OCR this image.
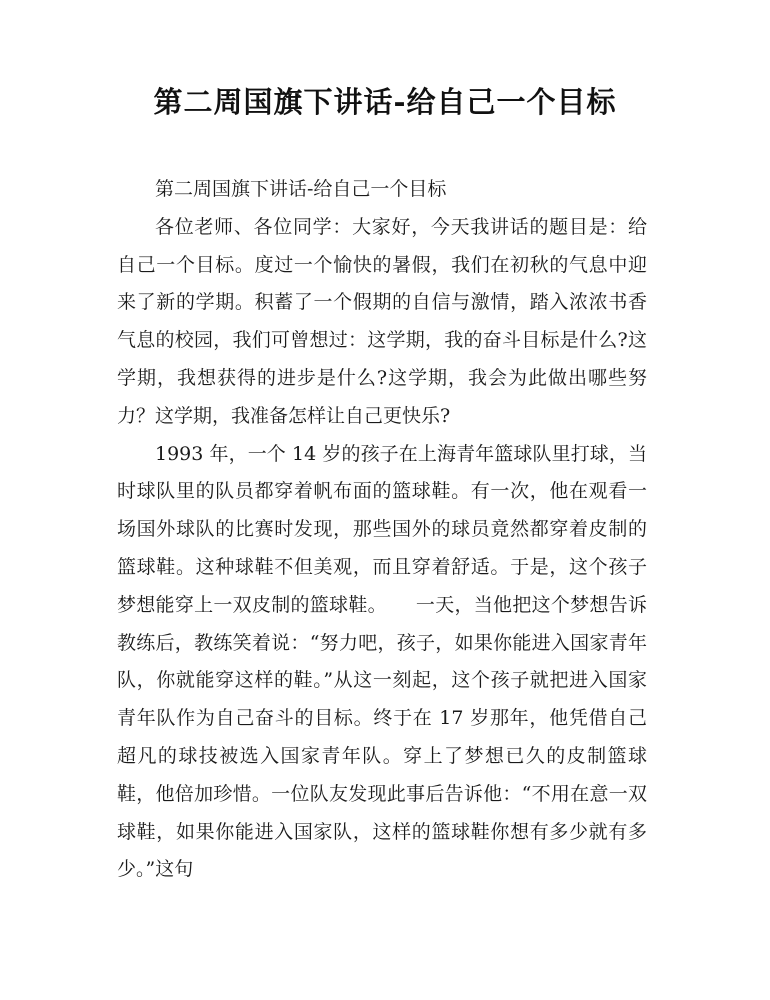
第二周国旗下讲话-给自己一个目标

第二周国旗下讲话-给自己一个目标

各位老师、各位同学：大家好，今天我讲话的题目是：给自己一个目标。度过一个愉快的暑假，我们在初秋的气息中迎来了新的学期。积蓄了一个假期的自信与激情，踏入浓浓书香气息的校园，我们可曾想过：这学期，我的奋斗目标是什么?这学期，我想获得的进步是什么?这学期，我会为此做出哪些努力？这学期，我准备怎样让自己更快乐?

1993 年，一个 14 岁的孩子在上海青年篮球队里打球，当时球队里的队员都穿着帆布面的篮球鞋。有一次，他在观看一场国外球队的比赛时发现，那些国外的球员竟然都穿着皮制的篮球鞋。这种球鞋不但美观，而且穿着舒适。于是，这个孩子梦想能穿上一双皮制的篮球鞋。　　一天，当他把这个梦想告诉教练后，教练笑着说：“努力吧，孩子，如果你能进入国家青年队，你就能穿这样的鞋。”从这一刻起，这个孩子就把进入国家青年队作为自己奋斗的目标。终于在 17 岁那年，他凭借自己超凡的球技被选入国家青年队。穿上了梦想已久的皮制篮球鞋，他倍加珍惜。一位队友发现此事后告诉他：“不用在意一双球鞋，如果你能进入国家队，这样的篮球鞋你想有多少就有多少。”这句
